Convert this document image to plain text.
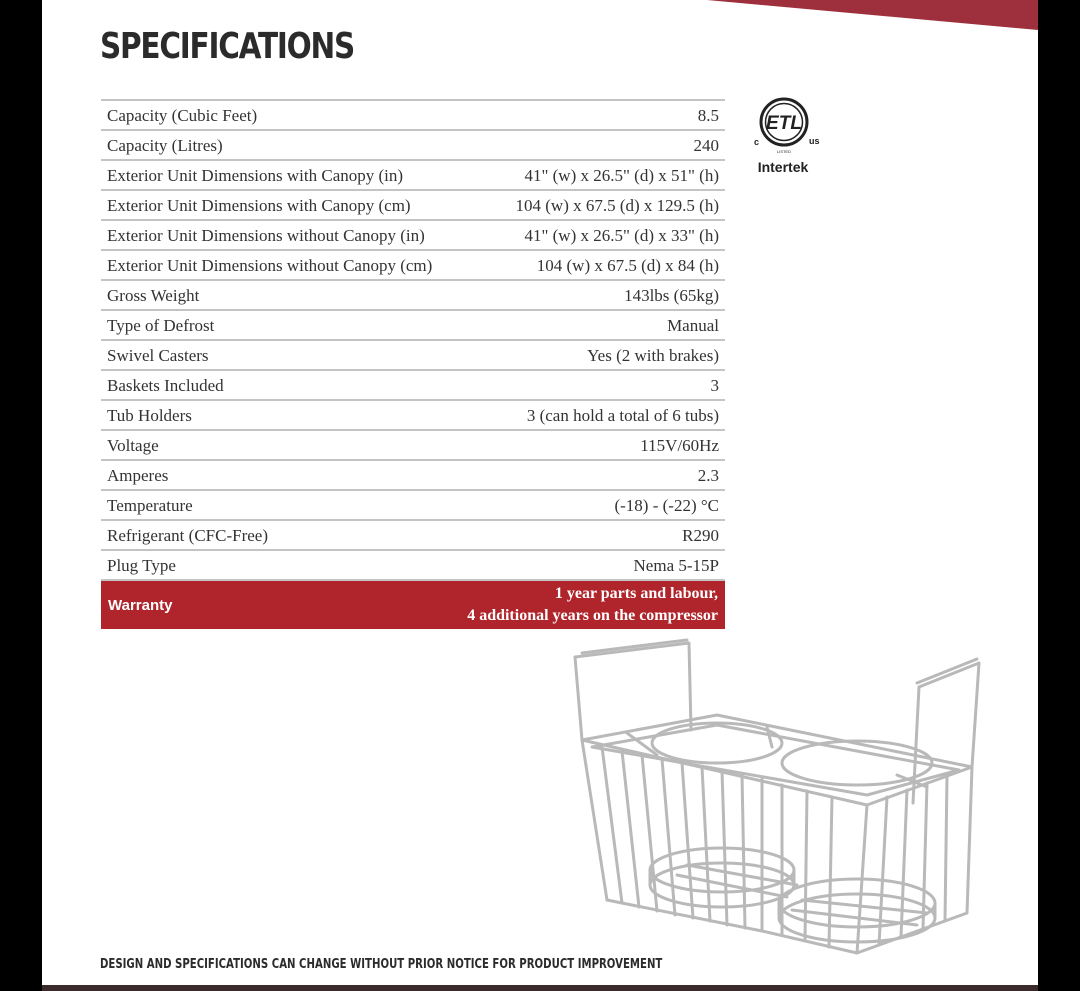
SPECIFICATIONS
Capacity (Cubic Feet)	8.5
Capacity (Litres)	240
Exterior Unit Dimensions with Canopy (in)	41" (w) x 26.5" (d) x 51" (h)
Exterior Unit Dimensions with Canopy (cm)	104 (w) x 67.5 (d) x 129.5 (h)
Exterior Unit Dimensions without Canopy (in)	41" (w) x 26.5" (d) x 33" (h)
Exterior Unit Dimensions without Canopy (cm)	104 (w) x 67.5 (d) x 84 (h)
Gross Weight	143lbs (65kg)
Type of Defrost	Manual
Swivel Casters	Yes (2 with brakes)
Baskets Included	3
Tub Holders	3 (can hold a total of 6 tubs)
Voltage	115V/60Hz
Amperes	2.3
Temperature	(-18) - (-22) °C
Refrigerant (CFC-Free)	R290
Plug Type	Nema 5-15P
Warranty	1 year parts and labour,
4 additional years on the compressor
ETL
c	us
LISTED
Intertek

DESIGN AND SPECIFICATIONS CAN CHANGE WITHOUT PRIOR NOTICE FOR PRODUCT IMPROVEMENT
